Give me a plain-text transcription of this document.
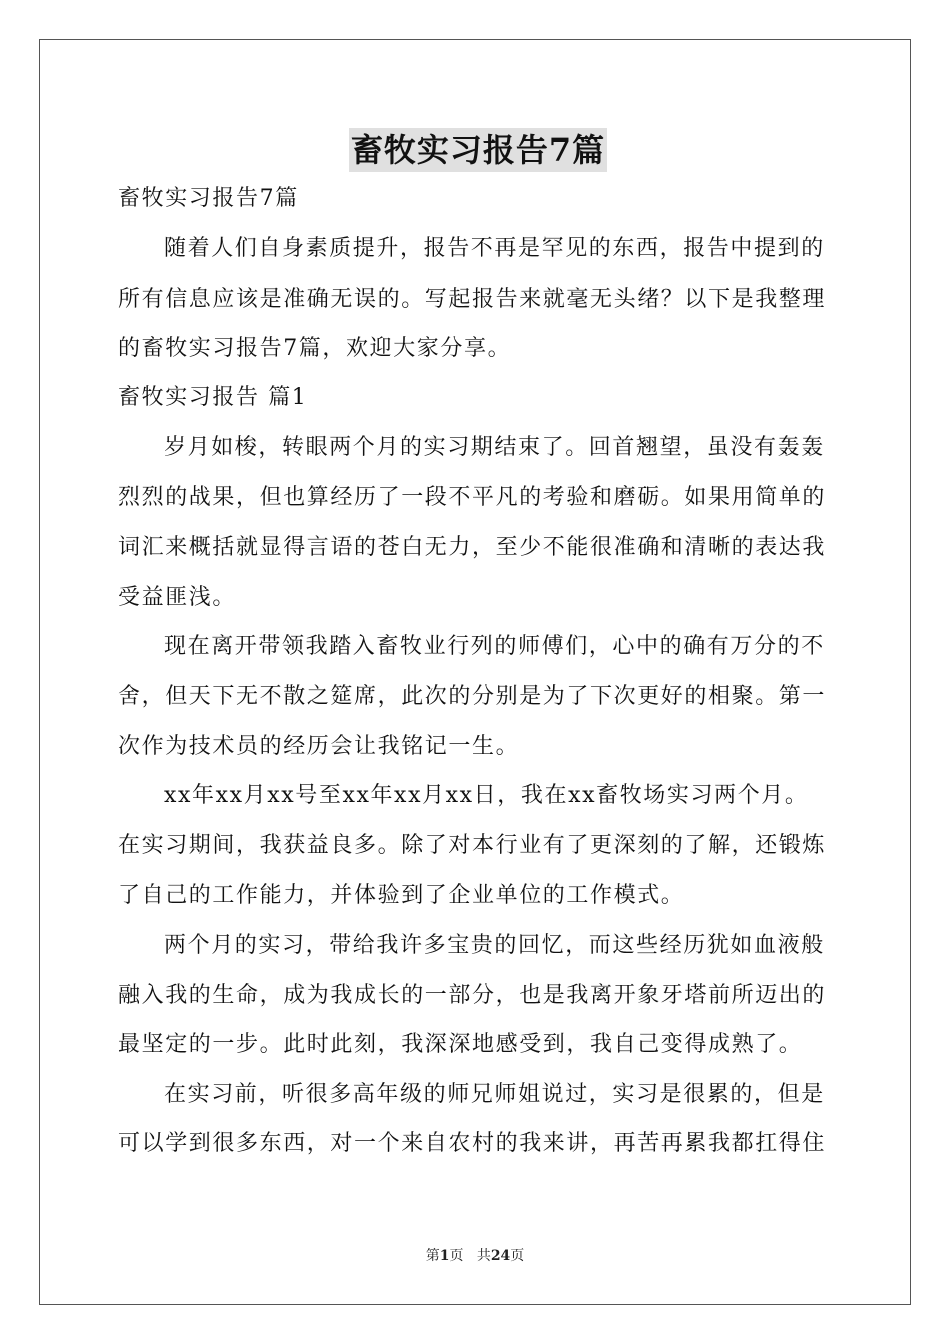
畜牧实习报告7篇
畜牧实习报告7篇
随着人们自身素质提升，报告不再是罕见的东西，报告中提到的
所有信息应该是准确无误的。写起报告来就毫无头绪？以下是我整理
的畜牧实习报告7篇，欢迎大家分享。
畜牧实习报告 篇1
岁月如梭，转眼两个月的实习期结束了。回首翘望，虽没有轰轰
烈烈的战果，但也算经历了一段不平凡的考验和磨砺。如果用简单的
词汇来概括就显得言语的苍白无力，至少不能很准确和清晰的表达我
受益匪浅。
现在离开带领我踏入畜牧业行列的师傅们，心中的确有万分的不
舍，但天下无不散之筵席，此次的分别是为了下次更好的相聚。第一
次作为技术员的经历会让我铭记一生。
xx年xx月xx号至xx年xx月xx日，我在xx畜牧场实习两个月。
在实习期间，我获益良多。除了对本行业有了更深刻的了解，还锻炼
了自己的工作能力，并体验到了企业单位的工作模式。
两个月的实习，带给我许多宝贵的回忆，而这些经历犹如血液般
融入我的生命，成为我成长的一部分，也是我离开象牙塔前所迈出的
最坚定的一步。此时此刻，我深深地感受到，我自己变得成熟了。
在实习前，听很多高年级的师兄师姐说过，实习是很累的，但是
可以学到很多东西，对一个来自农村的我来讲，再苦再累我都扛得住
第1页 共24页
